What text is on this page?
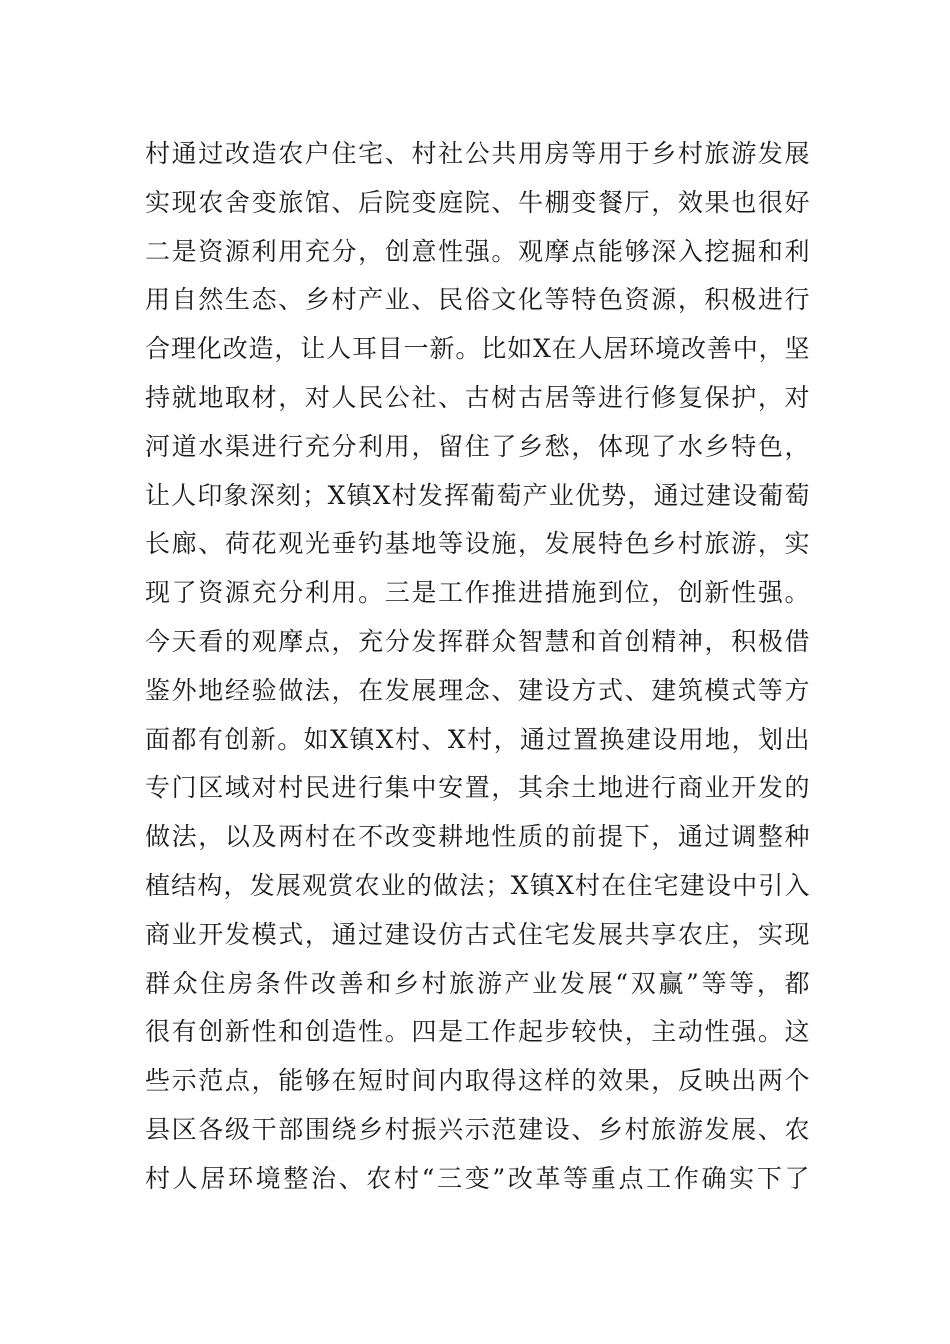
村通过改造农户住宅、村社公共用房等用于乡村旅游发展
实现农舍变旅馆、后院变庭院、牛棚变餐厅，效果也很好
二是资源利用充分，创意性强。观摩点能够深入挖掘和利
用自然生态、乡村产业、民俗文化等特色资源，积极进行
合理化改造，让人耳目一新。比如X在人居环境改善中，坚
持就地取材，对人民公社、古树古居等进行修复保护，对
河道水渠进行充分利用，留住了乡愁，体现了水乡特色，
让人印象深刻；X镇X村发挥葡萄产业优势，通过建设葡萄
长廊、荷花观光垂钓基地等设施，发展特色乡村旅游，实
现了资源充分利用。三是工作推进措施到位，创新性强。
今天看的观摩点，充分发挥群众智慧和首创精神，积极借
鉴外地经验做法，在发展理念、建设方式、建筑模式等方
面都有创新。如X镇X村、X村，通过置换建设用地，划出
专门区域对村民进行集中安置，其余土地进行商业开发的
做法，以及两村在不改变耕地性质的前提下，通过调整种
植结构，发展观赏农业的做法；X镇X村在住宅建设中引入
商业开发模式，通过建设仿古式住宅发展共享农庄，实现
群众住房条件改善和乡村旅游产业发展“双赢”等等，都
很有创新性和创造性。四是工作起步较快，主动性强。这
些示范点，能够在短时间内取得这样的效果，反映出两个
县区各级干部围绕乡村振兴示范建设、乡村旅游发展、农
村人居环境整治、农村“三变”改革等重点工作确实下了
